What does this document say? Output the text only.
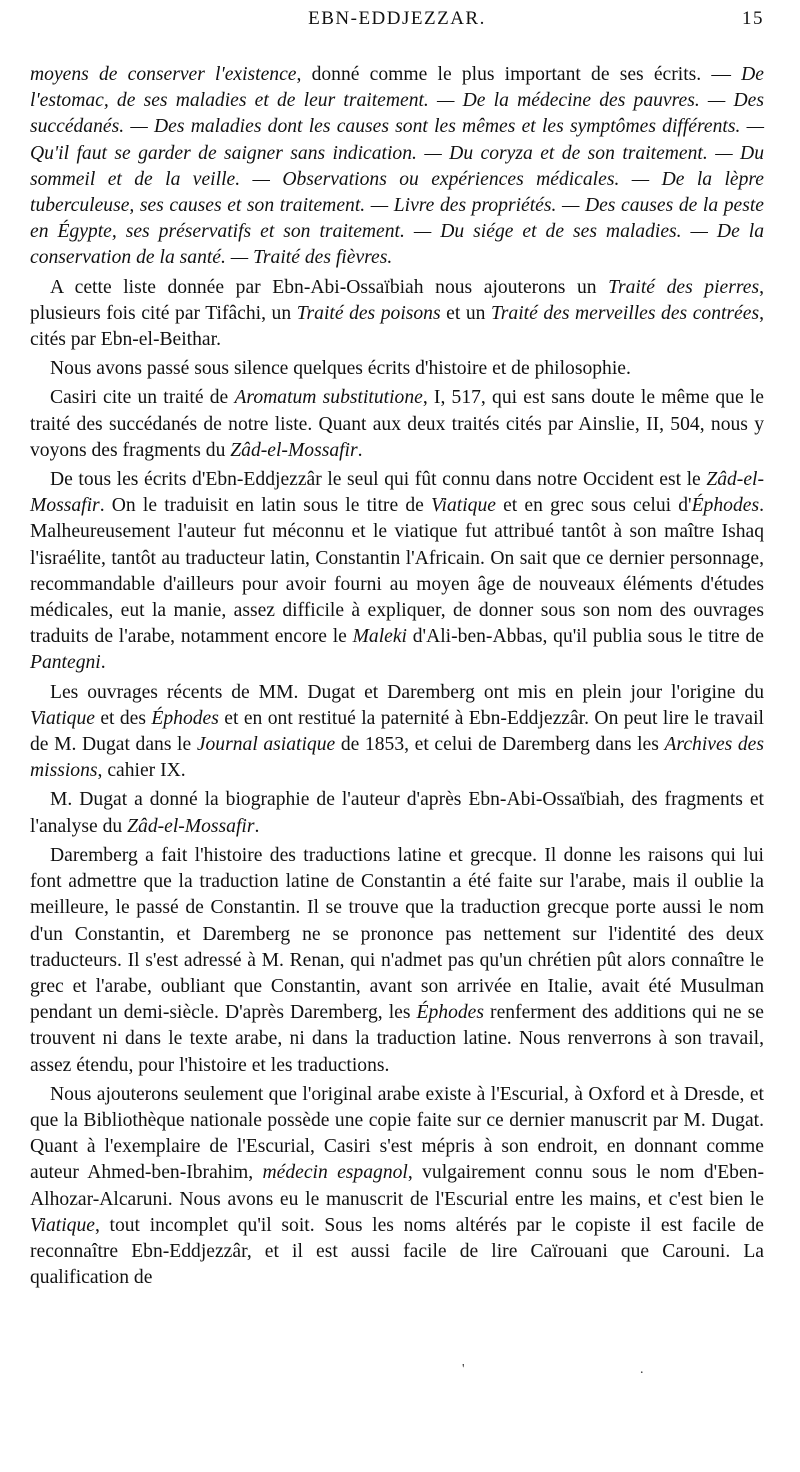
EBN-EDDJEZZAR.	15

moyens de conserver l'existence, donné comme le plus important de ses écrits. — De l'estomac, de ses maladies et de leur traitement. — De la médecine des pauvres. — Des succédanés. — Des maladies dont les causes sont les mêmes et les symptômes différents. — Qu'il faut se garder de saigner sans indication. — Du coryza et de son traitement. — Du sommeil et de la veille. — Observations ou expériences médicales. — De la lèpre tuberculeuse, ses causes et son traitement. — Livre des propriétés. — Des causes de la peste en Égypte, ses préservatifs et son traitement. — Du siége et de ses maladies. — De la conservation de la santé. — Traité des fièvres.

A cette liste donnée par Ebn-Abi-Ossaïbiah nous ajouterons un Traité des pierres, plusieurs fois cité par Tifâchi, un Traité des poisons et un Traité des merveilles des contrées, cités par Ebn-el-Beithar.

Nous avons passé sous silence quelques écrits d'histoire et de philosophie.

Casiri cite un traité de Aromatum substitutione, I, 517, qui est sans doute le même que le traité des succédanés de notre liste. Quant aux deux traités cités par Ainslie, II, 504, nous y voyons des fragments du Zâd-el-Mossafir.

De tous les écrits d'Ebn-Eddjezzâr le seul qui fût connu dans notre Occident est le Zâd-el-Mossafir. On le traduisit en latin sous le titre de Viatique et en grec sous celui d'Éphodes. Malheureusement l'auteur fut méconnu et le viatique fut attribué tantôt à son maître Ishaq l'israélite, tantôt au traducteur latin, Constantin l'Africain. On sait que ce dernier personnage, recommandable d'ailleurs pour avoir fourni au moyen âge de nouveaux éléments d'études médicales, eut la manie, assez difficile à expliquer, de donner sous son nom des ouvrages traduits de l'arabe, notamment encore le Maleki d'Ali-ben-Abbas, qu'il publia sous le titre de Pantegni.

Les ouvrages récents de MM. Dugat et Daremberg ont mis en plein jour l'origine du Viatique et des Éphodes et en ont restitué la paternité à Ebn-Eddjezzâr. On peut lire le travail de M. Dugat dans le Journal asiatique de 1853, et celui de Daremberg dans les Archives des missions, cahier IX.

M. Dugat a donné la biographie de l'auteur d'après Ebn-Abi-Ossaïbiah, des fragments et l'analyse du Zâd-el-Mossafir.

Daremberg a fait l'histoire des traductions latine et grecque. Il donne les raisons qui lui font admettre que la traduction latine de Constantin a été faite sur l'arabe, mais il oublie la meilleure, le passé de Constantin. Il se trouve que la traduction grecque porte aussi le nom d'un Constantin, et Daremberg ne se prononce pas nettement sur l'identité des deux traducteurs. Il s'est adressé à M. Renan, qui n'admet pas qu'un chrétien pût alors connaître le grec et l'arabe, oubliant que Constantin, avant son arrivée en Italie, avait été Musulman pendant un demi-siècle. D'après Daremberg, les Éphodes renferment des additions qui ne se trouvent ni dans le texte arabe, ni dans la traduction latine. Nous renverrons à son travail, assez étendu, pour l'histoire et les traductions.

Nous ajouterons seulement que l'original arabe existe à l'Escurial, à Oxford et à Dresde, et que la Bibliothèque nationale possède une copie faite sur ce dernier manuscrit par M. Dugat. Quant à l'exemplaire de l'Escurial, Casiri s'est mépris à son endroit, en donnant comme auteur Ahmed-ben-Ibrahim, médecin espagnol, vulgairement connu sous le nom d'Eben-Alhozar-Alcaruni. Nous avons eu le manuscrit de l'Escurial entre les mains, et c'est bien le Viatique, tout incomplet qu'il soit. Sous les noms altérés par le copiste il est facile de reconnaître Ebn-Eddjezzâr, et il est aussi facile de lire Caïrouani que Carouni. La qualification de

'	.
